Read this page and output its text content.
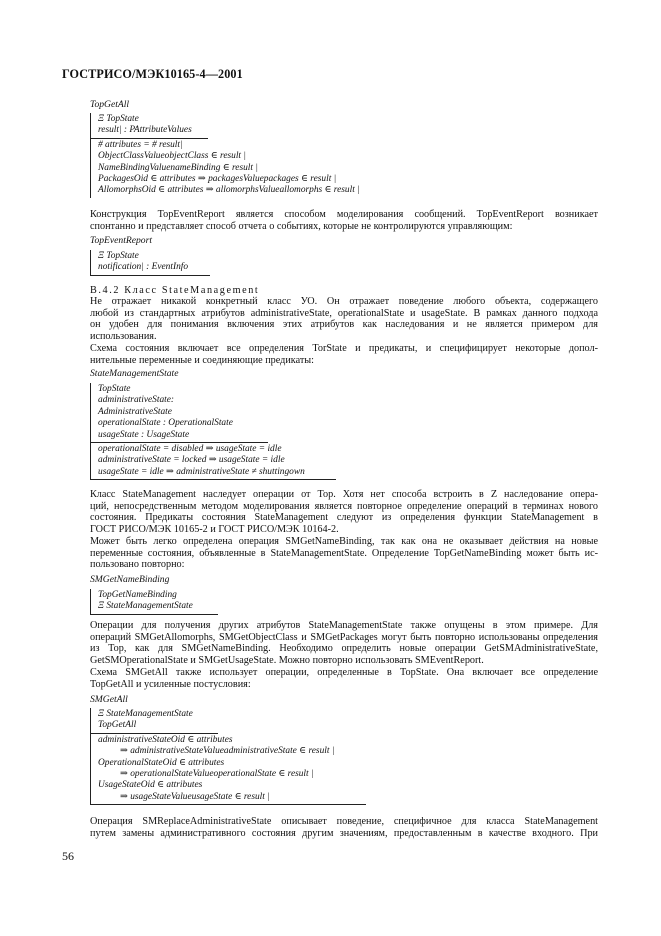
ГОСТРИСО/МЭК10165-4—2001
TopGetAll
Ξ TopState
result| : PAttributeValues
# attributes = # result|
ObjectClassValueobjectClass ∈ result |
NameBindingValuenameBinding ∈ result |
PackagesOid ∈ attributes ⇒ packagesValuepackages ∈ result |
AllomorphsOid ∈ attributes ⇒ allomorphsValueallomorphs ∈ result |
Конструкция TopEventReport является способом моделирования сообщений. TopEventReport возникает
спонтанно и представляет способ отчета о событиях, которые не контролируются управляющим:
TopEventReport
Ξ TopState
notification| : EventInfo
В.4.2 Класс StateManagement
Не отражает никакой конкретный класс УО. Он отражает поведение любого объекта, содержащего
любой из стандартных атрибутов administrativeState, operationalState и usageState. В рамках данного подхода
он удобен для понимания включения этих атрибутов как наследования и не является примером для
использования.
Схема состояния включает все определения TorState и предикаты, и специфицирует некоторые допол-
нительные переменные и соединяющие предикаты:
StateManagementState
TopState
administrativeState:
AdministrativeState
operationalState : OperationalState
usageState : UsageState
operationalState = disabled ⇒ usageState = idle
administrativeState = locked ⇒ usageState = idle
usageState = idle ⇒ administrativeState ≠ shuttingown
Класс StateManagement наследует операции от Top. Хотя нет способа встроить в Z наследование опера-
ций, непосредственным методом моделирования является повторное определение операций в терминах нового
состояния. Предикаты состояния StateManagement следуют из определения функции StateManagement в
ГОСТ РИСО/МЭК 10165-2 и ГОСТ РИСО/МЭК 10164-2.
Может быть легко определена операция SMGetNameBinding, так как она не оказывает действия на новые
переменные состояния, объявленные в StateManagementState. Определение TopGetNameBinding может быть ис-
пользовано повторно:
SMGetNameBinding
TopGetNameBinding
Ξ StateManagementState
Операции для получения других атрибутов StateManagementState также опущены в этом примере. Для
операций SMGetAllomorphs, SMGetObjectClass и SMGetPackages могут быть повторно использованы определения
из Top, как для SMGetNameBinding. Необходимо определить новые операции GetSMAdministrativeState,
GetSMOperationalState и SMGetUsageState. Можно повторно использовать SMEventReport.
Схема SMGetAll также использует операции, определенные в TopState. Она включает все определение
TopGetAll и усиленные постусловия:
SMGetAll
Ξ StateManagementState
TopGetAll
administrativeStateOid ∈ attributes
⇒ administrativeStateValueadministrativeState ∈ result |
OperationalStateOid ∈ attributes
⇒ operationalStateValueoperationalState ∈ result |
UsageStateOid ∈ attributes
⇒ usageStateValueusageState ∈ result |
Операция SMReplaceAdministrativeState описывает поведение, специфичное для класса StateManagement
путем замены административного состояния другим значениям, предоставленным в качестве входного. При
56
